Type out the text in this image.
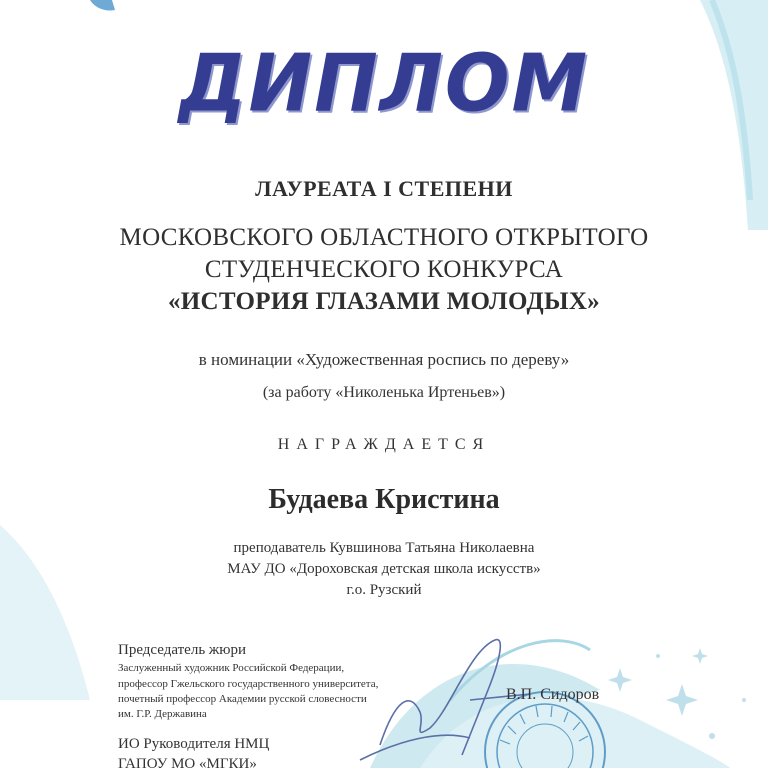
ДИПЛОМ
ЛАУРЕАТА I СТЕПЕНИ
МОСКОВСКОГО ОБЛАСТНОГО ОТКРЫТОГО
СТУДЕНЧЕСКОГО КОНКУРСА
«ИСТОРИЯ ГЛАЗАМИ МОЛОДЫХ»
в номинации «Художественная роспись по дереву»
(за работу «Николенька Иртеньев»)
НАГРАЖДАЕТСЯ
Будаева Кристина
преподаватель Кувшинова Татьяна Николаевна
МАУ ДО «Дороховская детская школа искусств»
г.о. Рузский
Председатель жюри
Заслуженный художник Российской Федерации,
профессор Гжельского государственного университета,
почетный профессор Академии русской словесности
им. Г.Р. Державина
В.П. Сидоров
ИО Руководителя НМЦ
ГАПОУ МО «МГКИ»
